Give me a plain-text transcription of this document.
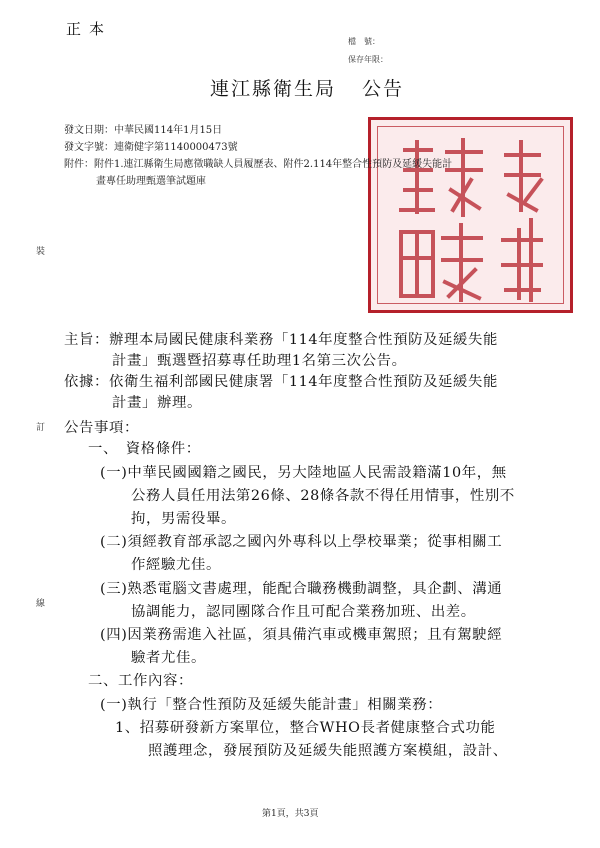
正本
檔　號：
保存年限：
連江縣衛生局 公告
發文日期：中華民國114年1月15日
發文字號：連衛健字第1140000473號
附件：附件1.連江縣衛生局應徵職缺人員履歷表、附件2.114年整合性預防及延緩失能計
畫專任助理甄選筆試題庫
裝
訂
線
主旨：辦理本局國民健康科業務「114年度整合性預防及延緩失能
計畫」甄選暨招募專任助理1名第三次公告。
依據：依衛生福利部國民健康署「114年度整合性預防及延緩失能
計畫」辦理。
公告事項：
一、　資格條件：
(一)中華民國國籍之國民，另大陸地區人民需設籍滿10年，無
公務人員任用法第26條、28條各款不得任用情事，性別不
拘，男需役畢。
(二)須經教育部承認之國內外專科以上學校畢業；從事相關工
作經驗尤佳。
(三)熟悉電腦文書處理，能配合職務機動調整，具企劃、溝通
協調能力，認同團隊合作且可配合業務加班、出差。
(四)因業務需進入社區，須具備汽車或機車駕照；且有駕駛經
驗者尤佳。
二、工作內容：
(一)執行「整合性預防及延緩失能計畫」相關業務：
1、招募研發新方案單位，整合WHO長者健康整合式功能
照護理念，發展預防及延緩失能照護方案模組，設計、
第1頁，共3頁
